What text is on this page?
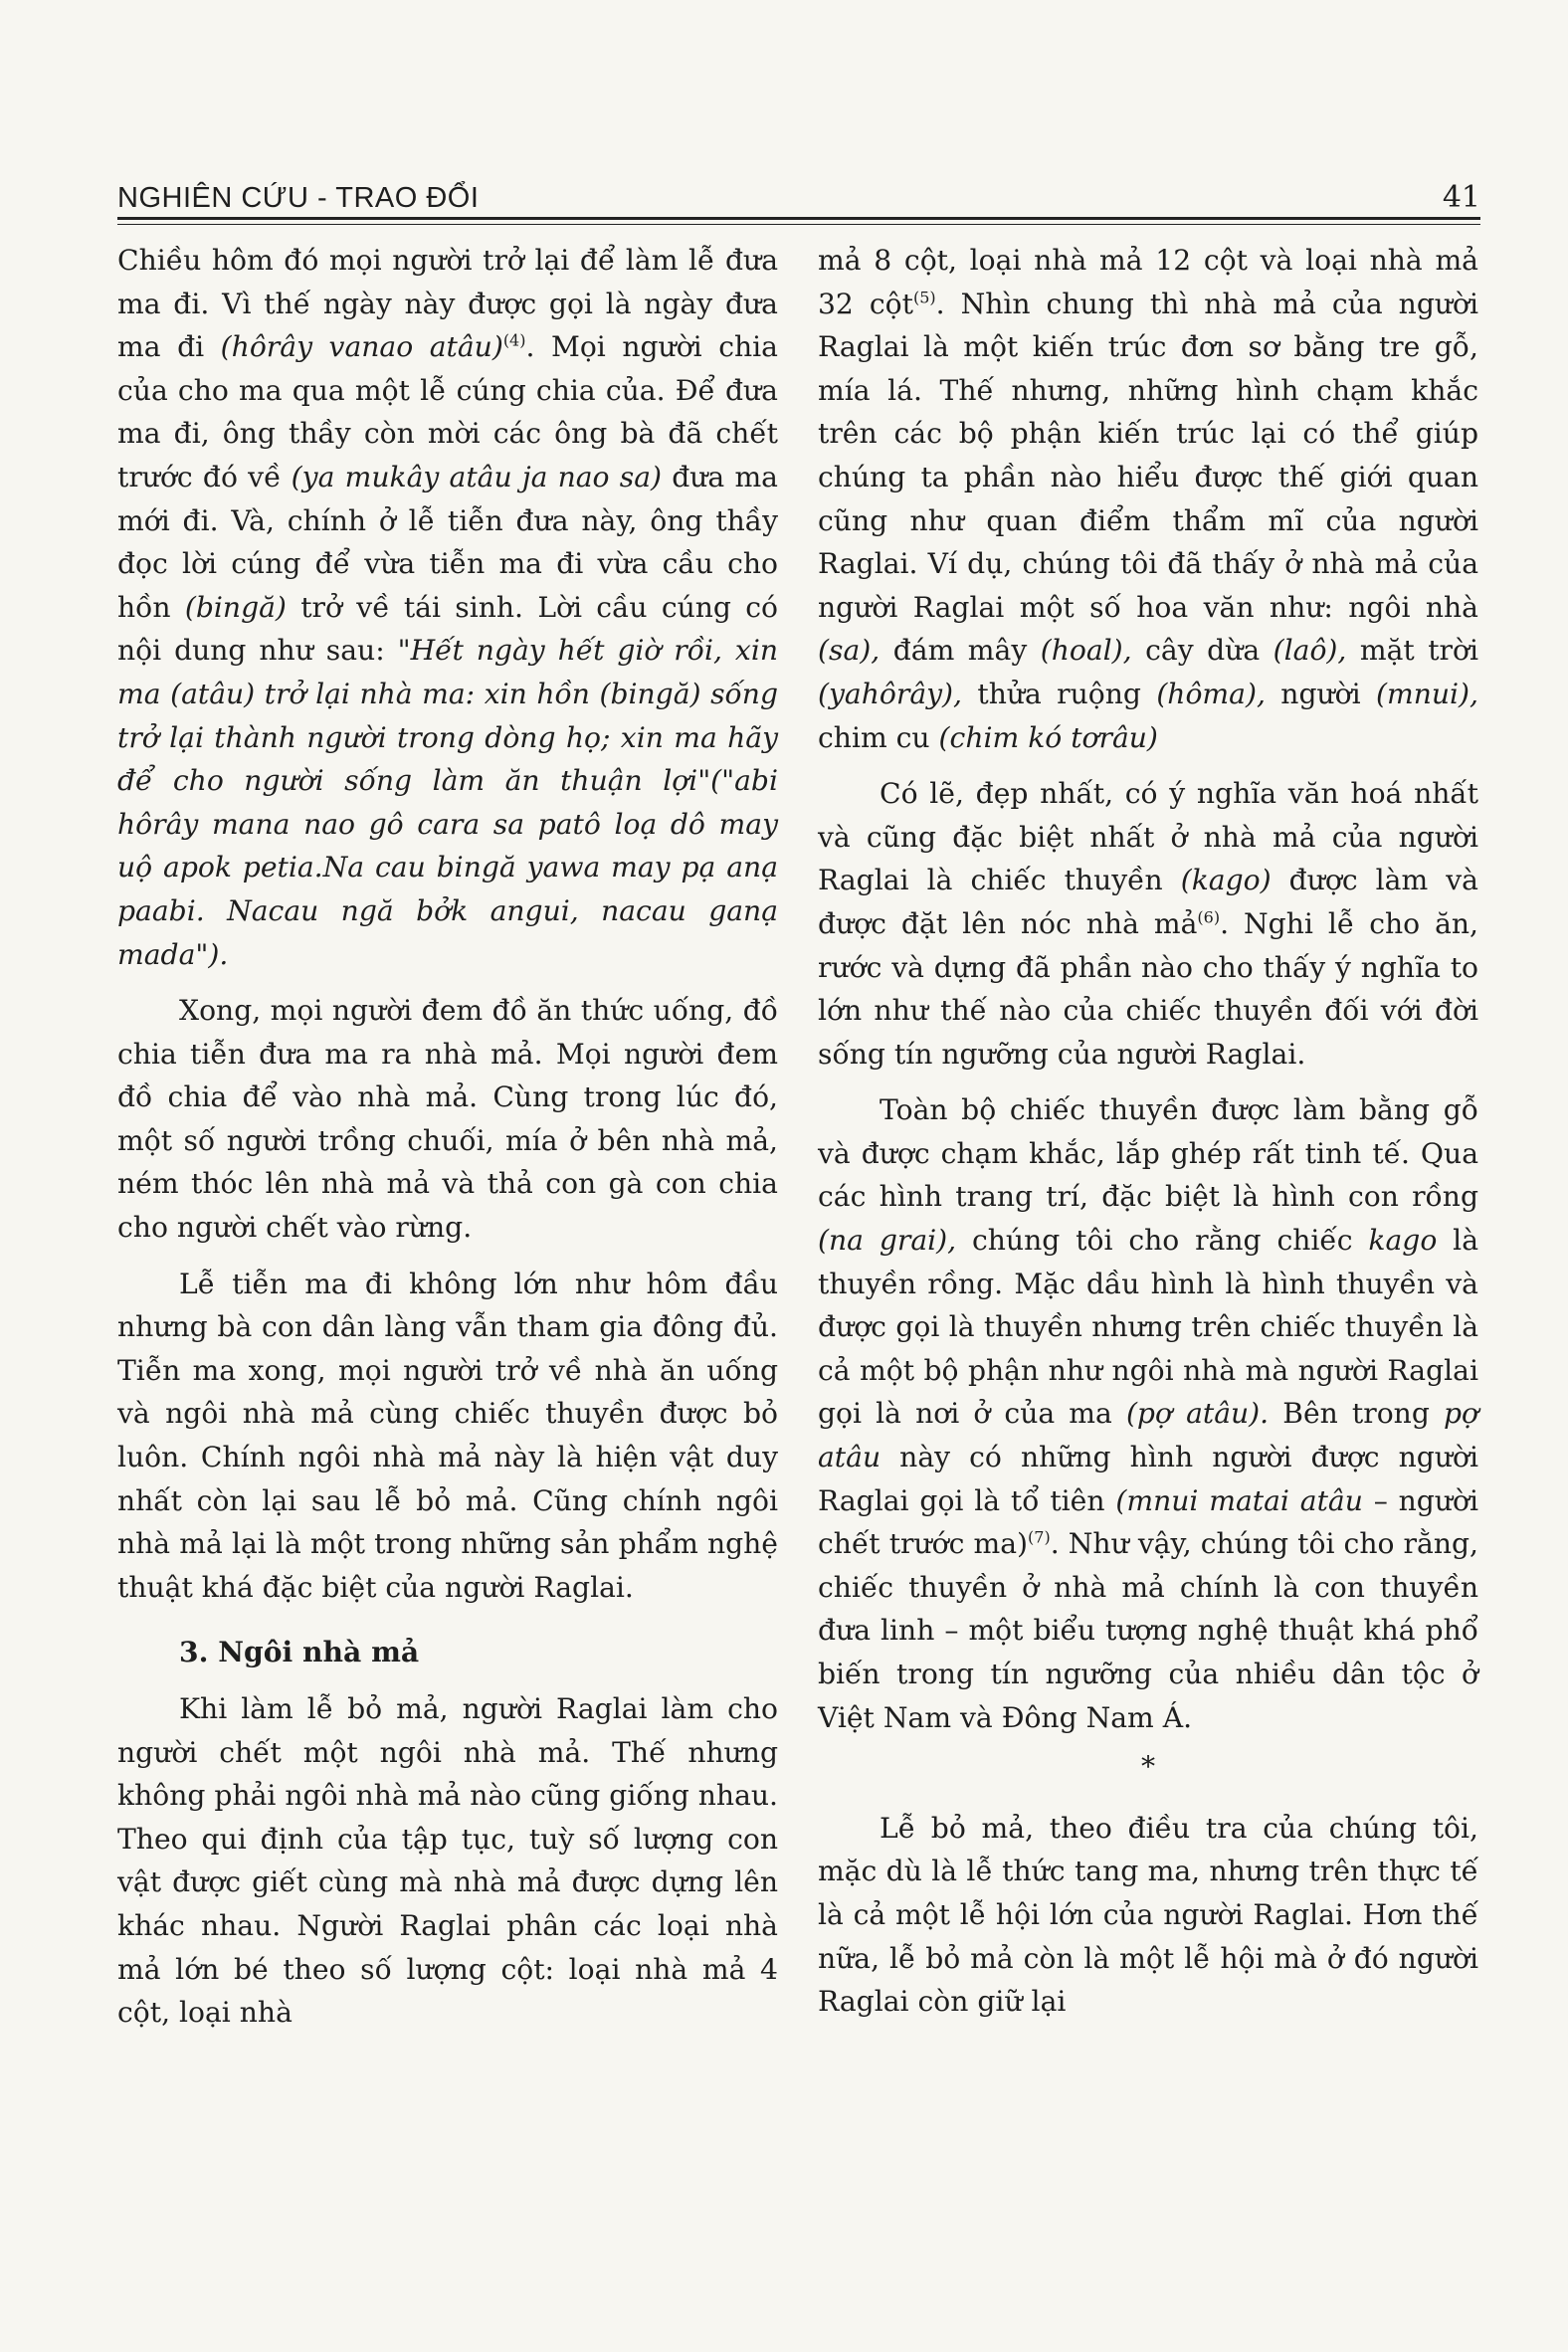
NGHIÊN CỨU - TRAO ĐỔI	41

Chiều hôm đó mọi người trở lại để làm lễ đưa ma đi. Vì thế ngày này được gọi là ngày đưa ma đi (hôrây vanao atâu)$^{(4)}$. Mọi người chia của cho ma qua một lễ cúng chia của. Để đưa ma đi, ông thầy còn mời các ông bà đã chết trước đó về (ya mukây atâu ja nao sa) đưa ma mới đi. Và, chính ở lễ tiễn đưa này, ông thầy đọc lời cúng để vừa tiễn ma đi vừa cầu cho hồn (bingă) trở về tái sinh. Lời cầu cúng có nội dung như sau: "Hết ngày hết giờ rồi, xin ma (atâu) trở lại nhà ma: xin hồn (bingă) sống trở lại thành người trong dòng họ; xin ma hãy để cho người sống làm ăn thuận lợi"("abi hôrây mana nao gô cara sa patô loạ dô may uộ apok petia.Na cau bingă yawa may pạ anạ paabi. Nacau ngă bởk angui, nacau ganạ mada").

Xong, mọi người đem đồ ăn thức uống, đồ chia tiễn đưa ma ra nhà mả. Mọi người đem đồ chia để vào nhà mả. Cùng trong lúc đó, một số người trồng chuối, mía ở bên nhà mả, ném thóc lên nhà mả và thả con gà con chia cho người chết vào rừng.

Lễ tiễn ma đi không lớn như hôm đầu nhưng bà con dân làng vẫn tham gia đông đủ. Tiễn ma xong, mọi người trở về nhà ăn uống và ngôi nhà mả cùng chiếc thuyền được bỏ luôn. Chính ngôi nhà mả này là hiện vật duy nhất còn lại sau lễ bỏ mả. Cũng chính ngôi nhà mả lại là một trong những sản phẩm nghệ thuật khá đặc biệt của người Raglai.

3. Ngôi nhà mả

Khi làm lễ bỏ mả, người Raglai làm cho người chết một ngôi nhà mả. Thế nhưng không phải ngôi nhà mả nào cũng giống nhau. Theo qui định của tập tục, tuỳ số lượng con vật được giết cùng mà nhà mả được dựng lên khác nhau. Người Raglai phân các loại nhà mả lớn bé theo số lượng cột: loại nhà mả 4 cột, loại nhà

mả 8 cột, loại nhà mả 12 cột và loại nhà mả 32 cột$^{(5)}$. Nhìn chung thì nhà mả của người Raglai là một kiến trúc đơn sơ bằng tre gỗ, mía lá. Thế nhưng, những hình chạm khắc trên các bộ phận kiến trúc lại có thể giúp chúng ta phần nào hiểu được thế giới quan cũng như quan điểm thẩm mĩ của người Raglai. Ví dụ, chúng tôi đã thấy ở nhà mả của người Raglai một số hoa văn như: ngôi nhà (sa), đám mây (hoal), cây dừa (laô), mặt trời (yahôrây), thửa ruộng (hôma), người (mnui), chim cu (chim kó tơrâu)

Có lẽ, đẹp nhất, có ý nghĩa văn hoá nhất và cũng đặc biệt nhất ở nhà mả của người Raglai là chiếc thuyền (kago) được làm và được đặt lên nóc nhà mả$^{(6)}$. Nghi lễ cho ăn, rước và dựng đã phần nào cho thấy ý nghĩa to lớn như thế nào của chiếc thuyền đối với đời sống tín ngưỡng của người Raglai.

Toàn bộ chiếc thuyền được làm bằng gỗ và được chạm khắc, lắp ghép rất tinh tế. Qua các hình trang trí, đặc biệt là hình con rồng (na grai), chúng tôi cho rằng chiếc kago là thuyền rồng. Mặc dầu hình là hình thuyền và được gọi là thuyền nhưng trên chiếc thuyền là cả một bộ phận như ngôi nhà mà người Raglai gọi là nơi ở của ma (pợ atâu). Bên trong pợ atâu này có những hình người được người Raglai gọi là tổ tiên (mnui matai atâu – người chết trước ma)$^{(7)}$. Như vậy, chúng tôi cho rằng, chiếc thuyền ở nhà mả chính là con thuyền đưa linh – một biểu tượng nghệ thuật khá phổ biến trong tín ngưỡng của nhiều dân tộc ở Việt Nam và Đông Nam Á.

*

Lễ bỏ mả, theo điều tra của chúng tôi, mặc dù là lễ thức tang ma, nhưng trên thực tế là cả một lễ hội lớn của người Raglai. Hơn thế nữa, lễ bỏ mả còn là một lễ hội mà ở đó người Raglai còn giữ lại
